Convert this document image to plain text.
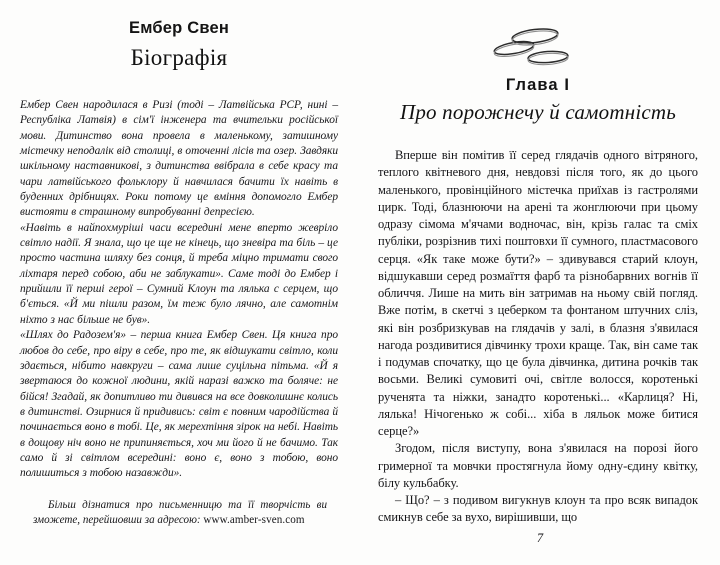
Ембер Свен
Біографія

Ембер Свен народилася в Ризі (тоді – Латвійська РСР, нині – Республіка Латвія) в сім'ї інженера та вчительки російської мови. Дитинство вона провела в маленькому, затишному містечку неподалік від столиці, в оточенні лісів та озер. Завдяки шкільному наставникові, з дитинства ввібрала в себе красу та чари латвійського фольклору й навчилася бачити їх навіть в буденних дрібницях. Роки потому це вміння допомогло Ембер вистояти в страшному випробуванні депресією.

«Навіть в найпохмуріші часи всередині мене вперто жевріло світло надії. Я знала, що це ще не кінець, що зневіра та біль – це просто частина шляху без сонця, й треба міцно тримати свого ліхтаря перед собою, аби не заблукати». Саме тоді до Ембер і прийшли її перші герої – Сумний Клоун та лялька с серцем, що б'ється. «Й ми пішли разом, їм теж було лячно, але самотнім ніхто з нас більше не був».

«Шлях до Радозем'я» – перша книга Ембер Свен. Ця книга про любов до себе, про віру в себе, про те, як відшукати світло, коли здається, нібито навкруги – сама лише суцільна пітьма. «Й я звертаюся до кожної людини, якій наразі важко та боляче: не бійся! Згадай, як допитливо ти дивився на все довколишнє колись в дитинстві. Озирнися й придивись: світ є повним чародійства й починається воно в тобі. Це, як мерехтіння зірок на небі. Навіть в дощову ніч воно не припиняється, хоч ми його й не бачимо. Так само й зі світлом всередині: воно є, воно з тобою, воно полишиться з тобою назавжди».

Більш дізнатися про письменницю та її творчість ви зможете, перейшовши за адресою: www.amber-sven.com
Глава I
Про порожнечу й самотність

Вперше він помітив її серед глядачів одного вітряного, теплого квітневого дня, невдовзі після того, як до цього маленького, провінційного містечка приїхав із гастролями цирк. Тоді, блазнюючи на арені та жонглюючи при цьому одразу сімома м'ячами водночас, він, крізь галас та сміх публіки, розрізнив тихі поштовхи її сумного, пластмасового серця. «Як таке може бути?» – здивувався старий клоун, відшукавши серед розмаїття фарб та різнобарвних вогнів її обличчя. Лише на мить він затримав на ньому свій погляд. Вже потім, в скетчі з цеберком та фонтаном штучних сліз, які він розбризкував на глядачів у залі, в блазня з'явилася нагода роздивитися дівчинку трохи краще. Так, він саме так і подумав спочатку, що це була дівчинка, дитина рочків так восьми. Великі сумовиті очі, світле волосся, коротенькі рученята та ніжки, занадто коротенькі... «Карлиця? Ні, лялька! Нічогенько ж собі... хіба в ляльок може битися серце?»

Згодом, після виступу, вона з'явилася на порозі його гримерної та мовчки простягнула йому одну-єдину квітку, білу кульбабку.

– Що? – з подивом вигукнув клоун та про всяк випадок смикнув себе за вухо, вирішивши, що

7
